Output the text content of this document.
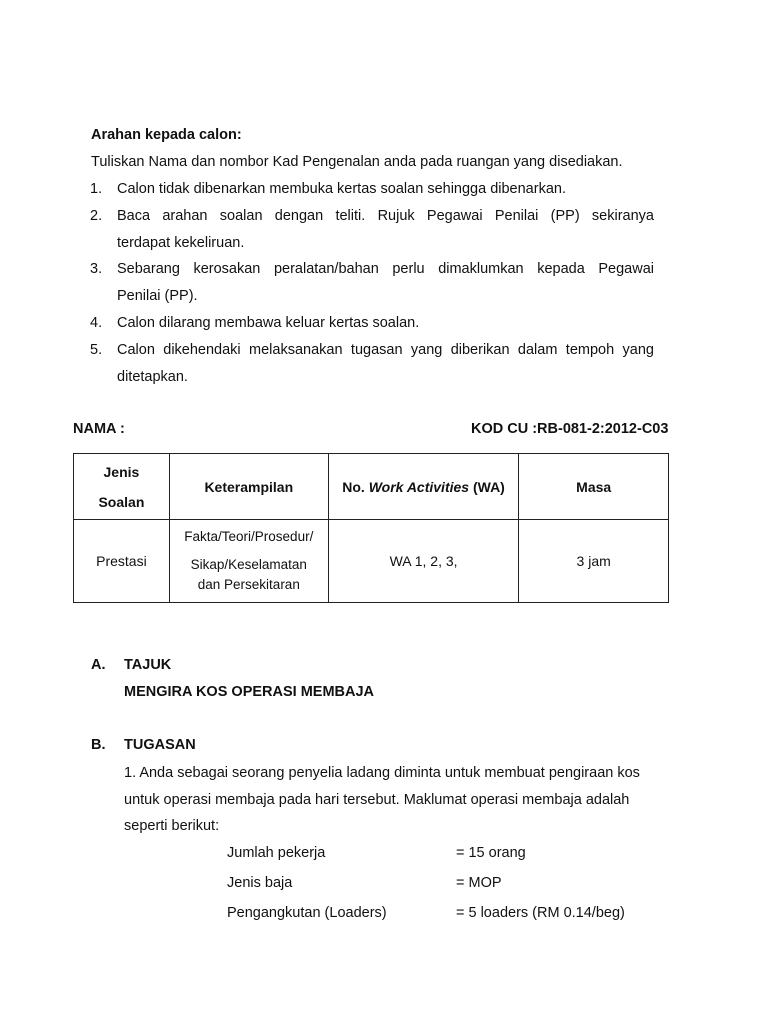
Arahan kepada calon:
Tuliskan Nama dan nombor Kad Pengenalan anda pada ruangan yang disediakan.
1. Calon tidak dibenarkan membuka kertas soalan sehingga dibenarkan.
2. Baca arahan soalan dengan teliti. Rujuk Pegawai Penilai (PP) sekiranya
terdapat kekeliruan.
3. Sebarang kerosakan peralatan/bahan perlu dimaklumkan kepada Pegawai
Penilai (PP).
4. Calon dilarang membawa keluar kertas soalan.
5. Calon dikehendaki melaksanakan tugasan yang diberikan dalam tempoh yang
ditetapkan.
NAMA :	KOD CU :RB-081-2:2012-C03
Jenis
Soalan	Keterampilan	No. Work Activities (WA)	Masa
Prestasi	Fakta/Teori/Prosedur/
Sikap/Keselamatan
dan Persekitaran	WA 1, 2, 3,	3 jam
A. TAJUK
MENGIRA KOS OPERASI MEMBAJA
B. TUGASAN
1. Anda sebagai seorang penyelia ladang diminta untuk membuat pengiraan kos
untuk operasi membaja pada hari tersebut. Maklumat operasi membaja adalah
seperti berikut:
Jumlah pekerja	= 15 orang
Jenis baja	= MOP
Pengangkutan (Loaders)	= 5 loaders (RM 0.14/beg)
